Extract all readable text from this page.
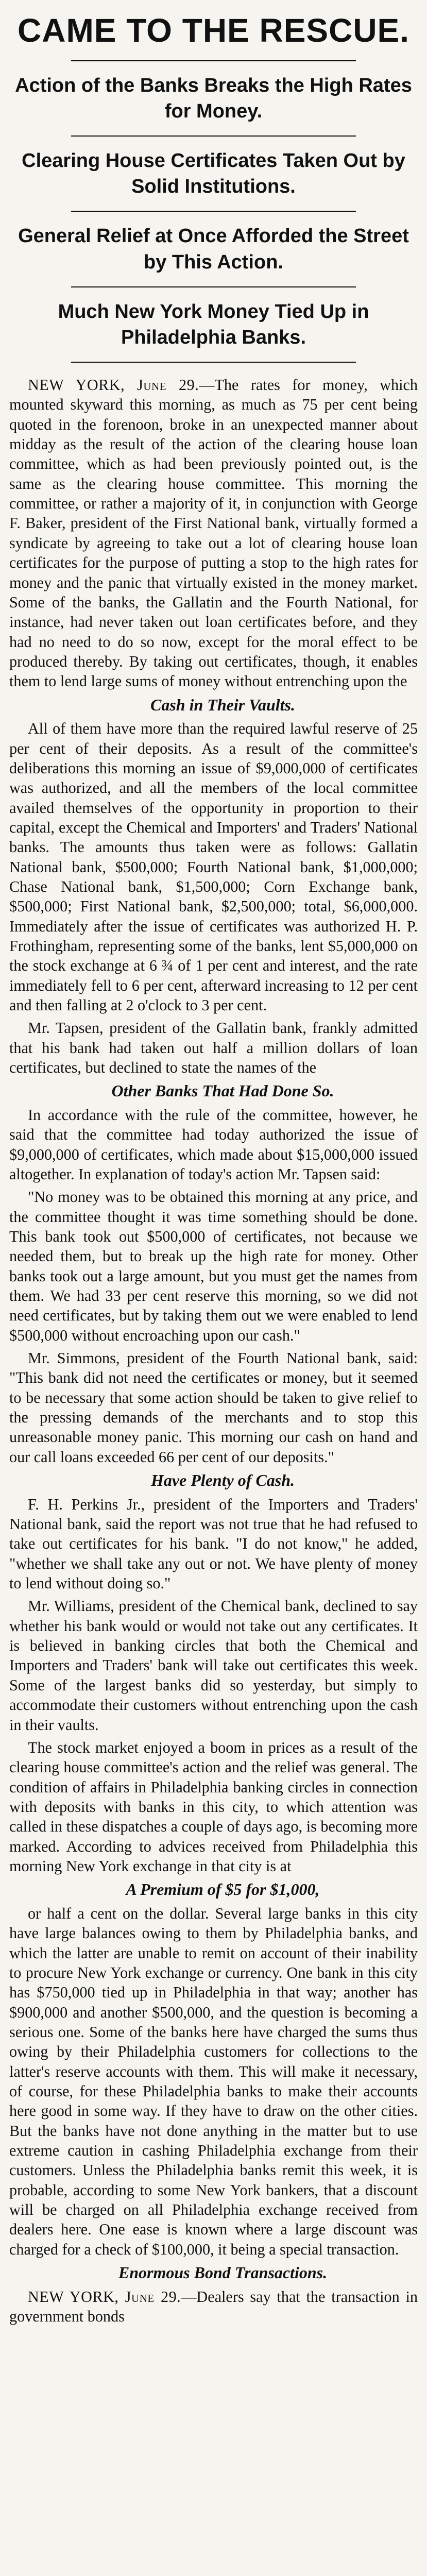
CAME TO THE RESCUE.
Action of the Banks Breaks the High Rates for Money.
Clearing House Certificates Taken Out by Solid Institutions.
General Relief at Once Afforded the Street by This Action.
Much New York Money Tied Up in Philadelphia Banks.

NEW YORK, June 29.—The rates for money, which mounted skyward this morning, as much as 75 per cent being quoted in the forenoon, broke in an unexpected manner about midday as the result of the action of the clearing house loan committee, which as had been previously pointed out, is the same as the clearing house committee. This morning the committee, or rather a majority of it, in conjunction with George F. Baker, president of the First National bank, virtually formed a syndicate by agreeing to take out a lot of clearing house loan certificates for the purpose of putting a stop to the high rates for money and the panic that virtually existed in the money market. Some of the banks, the Gallatin and the Fourth National, for instance, had never taken out loan certificates before, and they had no need to do so now, except for the moral effect to be produced thereby. By taking out certificates, though, it enables them to lend large sums of money without entrenching upon the

Cash in Their Vaults.

All of them have more than the required lawful reserve of 25 per cent of their deposits. As a result of the committee's deliberations this morning an issue of $9,000,000 of certificates was authorized, and all the members of the local committee availed themselves of the opportunity in proportion to their capital, except the Chemical and Importers' and Traders' National banks. The amounts thus taken were as follows: Gallatin National bank, $500,000; Fourth National bank, $1,000,000; Chase National bank, $1,500,000; Corn Exchange bank, $500,000; First National bank, $2,500,000; total, $6,000,000. Immediately after the issue of certificates was authorized H. P. Frothingham, representing some of the banks, lent $5,000,000 on the stock exchange at 6 ¾ of 1 per cent and interest, and the rate immediately fell to 6 per cent, afterward increasing to 12 per cent and then falling at 2 o'clock to 3 per cent.

Mr. Tapsen, president of the Gallatin bank, frankly admitted that his bank had taken out half a million dollars of loan certificates, but declined to state the names of the

Other Banks That Had Done So.

In accordance with the rule of the committee, however, he said that the committee had today authorized the issue of $9,000,000 of certificates, which made about $15,000,000 issued altogether. In explanation of today's action Mr. Tapsen said:

"No money was to be obtained this morning at any price, and the committee thought it was time something should be done. This bank took out $500,000 of certificates, not because we needed them, but to break up the high rate for money. Other banks took out a large amount, but you must get the names from them. We had 33 per cent reserve this morning, so we did not need certificates, but by taking them out we were enabled to lend $500,000 without encroaching upon our cash."

Mr. Simmons, president of the Fourth National bank, said: "This bank did not need the certificates or money, but it seemed to be necessary that some action should be taken to give relief to the pressing demands of the merchants and to stop this unreasonable money panic. This morning our cash on hand and our call loans exceeded 66 per cent of our deposits."

Have Plenty of Cash.

F. H. Perkins Jr., president of the Importers and Traders' National bank, said the report was not true that he had refused to take out certificates for his bank. "I do not know," he added, "whether we shall take any out or not. We have plenty of money to lend without doing so."

Mr. Williams, president of the Chemical bank, declined to say whether his bank would or would not take out any certificates. It is believed in banking circles that both the Chemical and Importers and Traders' bank will take out certificates this week. Some of the largest banks did so yesterday, but simply to accommodate their customers without entrenching upon the cash in their vaults.

The stock market enjoyed a boom in prices as a result of the clearing house committee's action and the relief was general. The condition of affairs in Philadelphia banking circles in connection with deposits with banks in this city, to which attention was called in these dispatches a couple of days ago, is becoming more marked. According to advices received from Philadelphia this morning New York exchange in that city is at

A Premium of $5 for $1,000,

or half a cent on the dollar. Several large banks in this city have large balances owing to them by Philadelphia banks, and which the latter are unable to remit on account of their inability to procure New York exchange or currency. One bank in this city has $750,000 tied up in Philadelphia in that way; another has $900,000 and another $500,000, and the question is becoming a serious one. Some of the banks here have charged the sums thus owing by their Philadelphia customers for collections to the latter's reserve accounts with them. This will make it necessary, of course, for these Philadelphia banks to make their accounts here good in some way. If they have to draw on the other cities. But the banks have not done anything in the matter but to use extreme caution in cashing Philadelphia exchange from their customers. Unless the Philadelphia banks remit this week, it is probable, according to some New York bankers, that a discount will be charged on all Philadelphia exchange received from dealers here. One ease is known where a large discount was charged for a check of $100,000, it being a special transaction.

Enormous Bond Transactions.

NEW YORK, June 29.—Dealers say that the transaction in government bonds
